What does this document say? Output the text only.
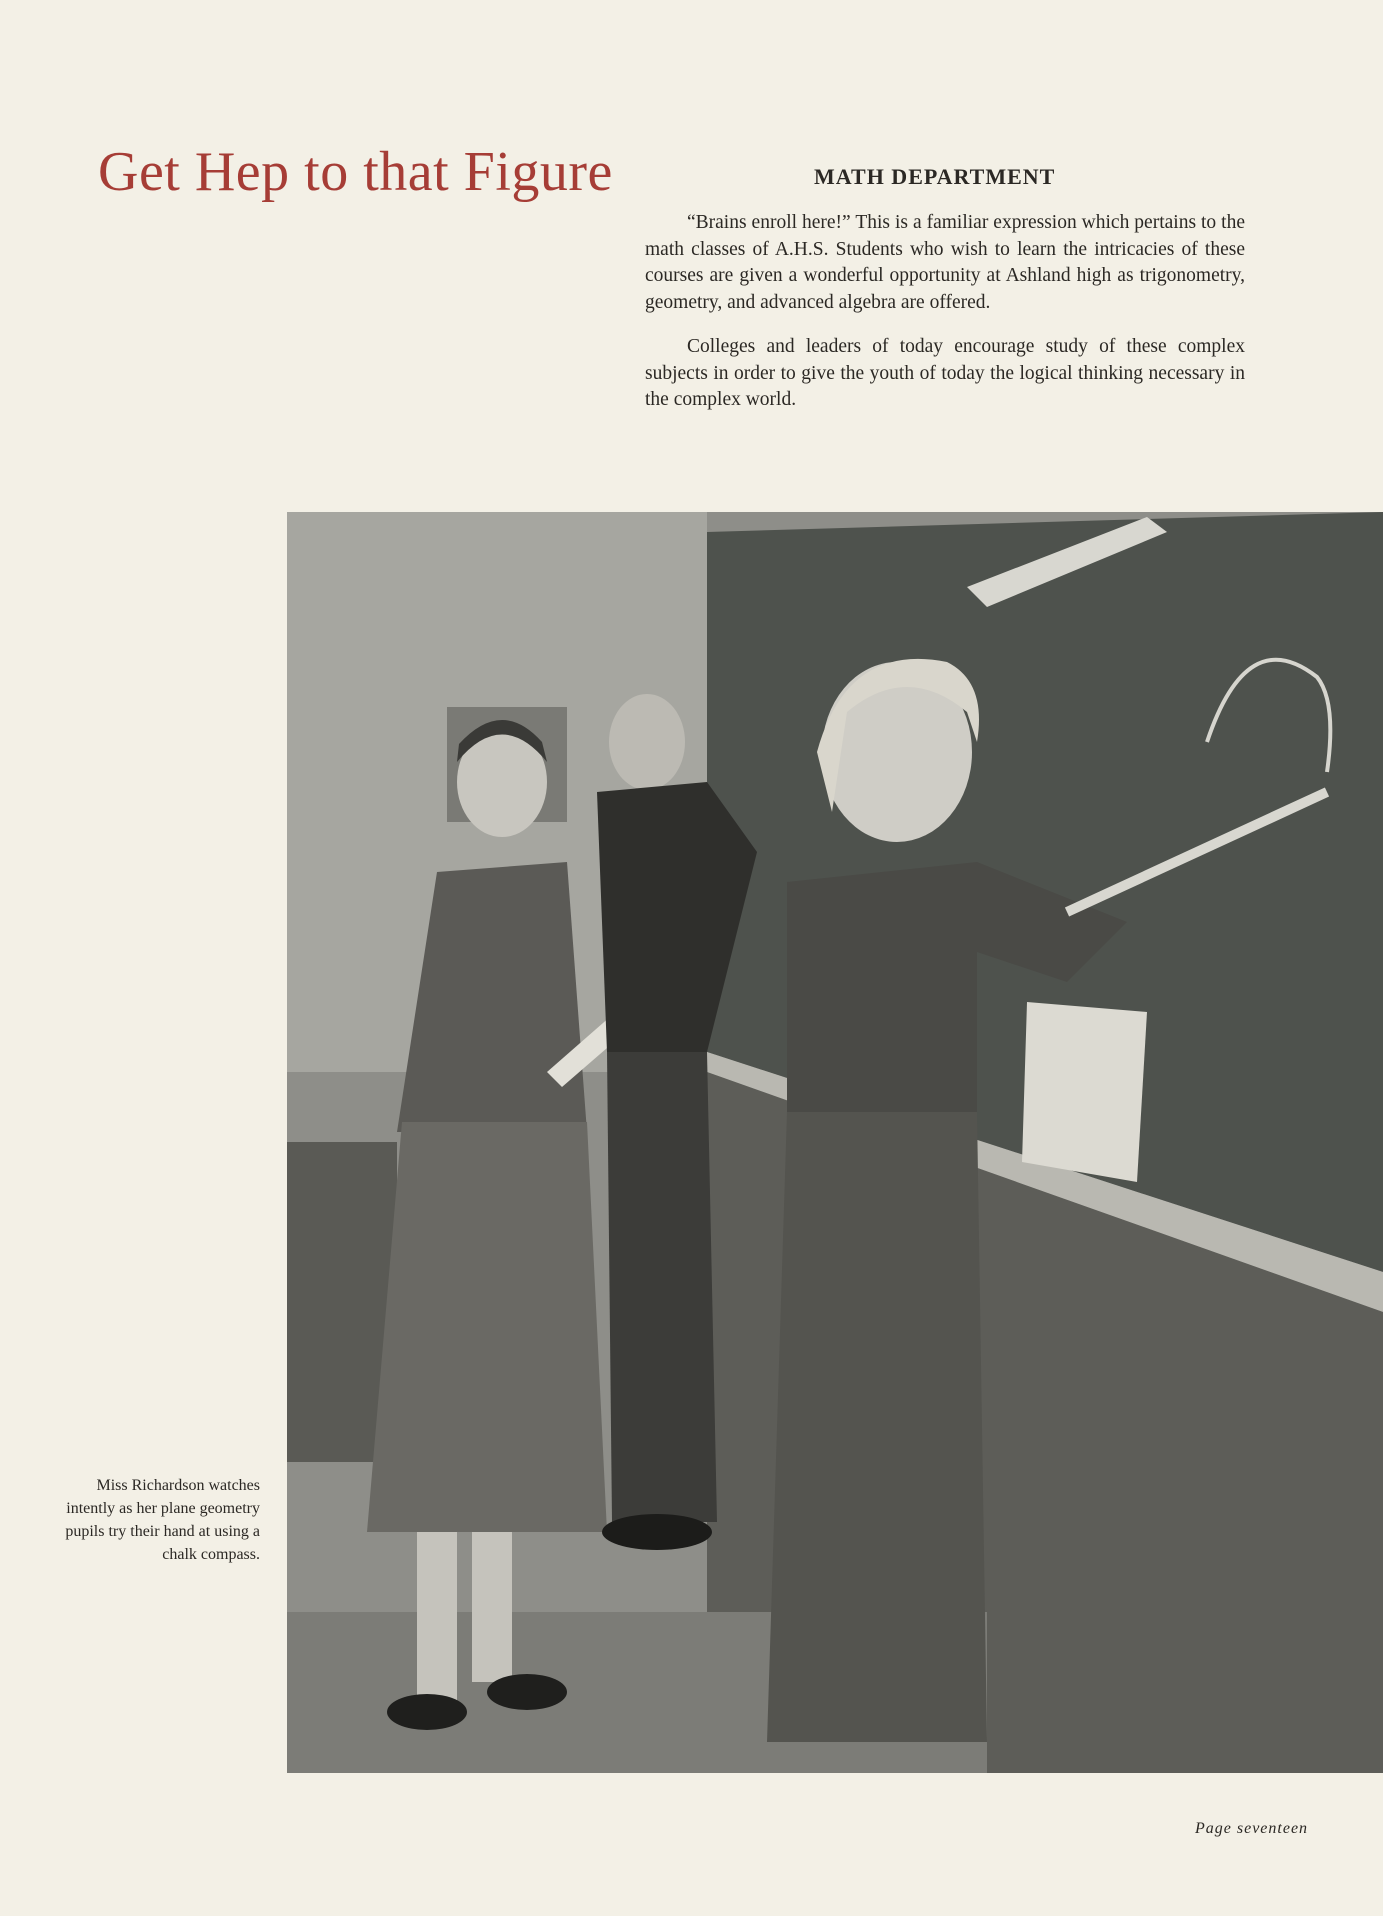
Get Hep to that Figure	MATH DEPARTMENT

“Brains enroll here!” This is a familiar expression which pertains to the math classes of A.H.S. Students who wish to learn the intricacies of these courses are given a wonderful opportunity at Ashland high as trigonometry, geometry, and advanced algebra are offered.

Colleges and leaders of today encourage study of these complex subjects in order to give the youth of today the logical thinking necessary in the complex world.

Miss Richardson watches intently as her plane geometry pupils try their hand at using a chalk compass.
Page seventeen
